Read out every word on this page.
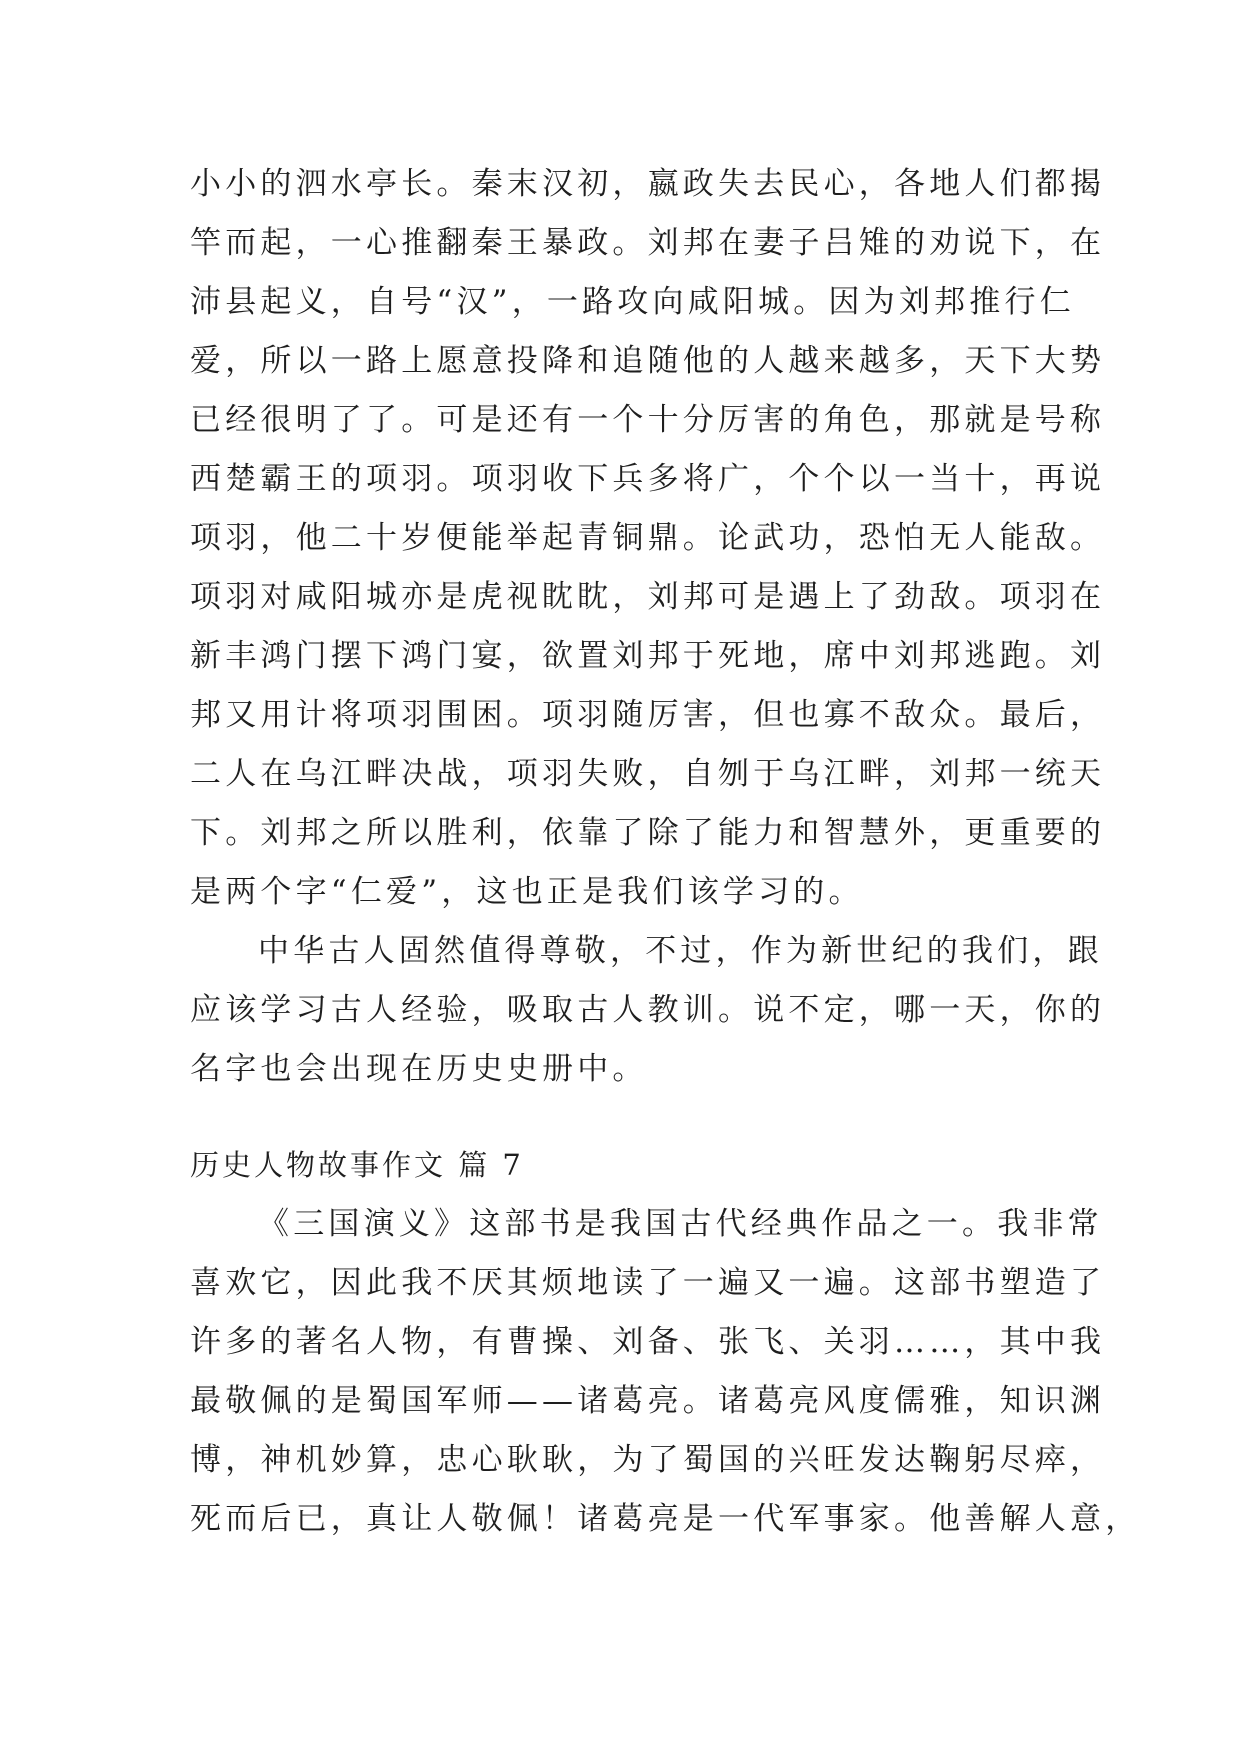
小小的泗水亭长。秦末汉初，嬴政失去民心，各地人们都揭
竿而起，一心推翻秦王暴政。刘邦在妻子吕雉的劝说下，在
沛县起义，自号“汉”，一路攻向咸阳城。因为刘邦推行仁
爱，所以一路上愿意投降和追随他的人越来越多，天下大势
已经很明了了。可是还有一个十分厉害的角色，那就是号称
西楚霸王的项羽。项羽收下兵多将广，个个以一当十，再说
项羽，他二十岁便能举起青铜鼎。论武功，恐怕无人能敌。
项羽对咸阳城亦是虎视眈眈，刘邦可是遇上了劲敌。项羽在
新丰鸿门摆下鸿门宴，欲置刘邦于死地，席中刘邦逃跑。刘
邦又用计将项羽围困。项羽随厉害，但也寡不敌众。最后，
二人在乌江畔决战，项羽失败，自刎于乌江畔，刘邦一统天
下。刘邦之所以胜利，依靠了除了能力和智慧外，更重要的
是两个字“仁爱”，这也正是我们该学习的。
中华古人固然值得尊敬，不过，作为新世纪的我们，跟
应该学习古人经验，吸取古人教训。说不定，哪一天，你的
名字也会出现在历史史册中。
历史人物故事作文 篇 7
《三国演义》这部书是我国古代经典作品之一。我非常
喜欢它，因此我不厌其烦地读了一遍又一遍。这部书塑造了
许多的著名人物，有曹操、刘备、张飞、关羽……，其中我
最敬佩的是蜀国军师——诸葛亮。诸葛亮风度儒雅，知识渊
博，神机妙算，忠心耿耿，为了蜀国的兴旺发达鞠躬尽瘁，
死而后已，真让人敬佩！诸葛亮是一代军事家。他善解人意，
